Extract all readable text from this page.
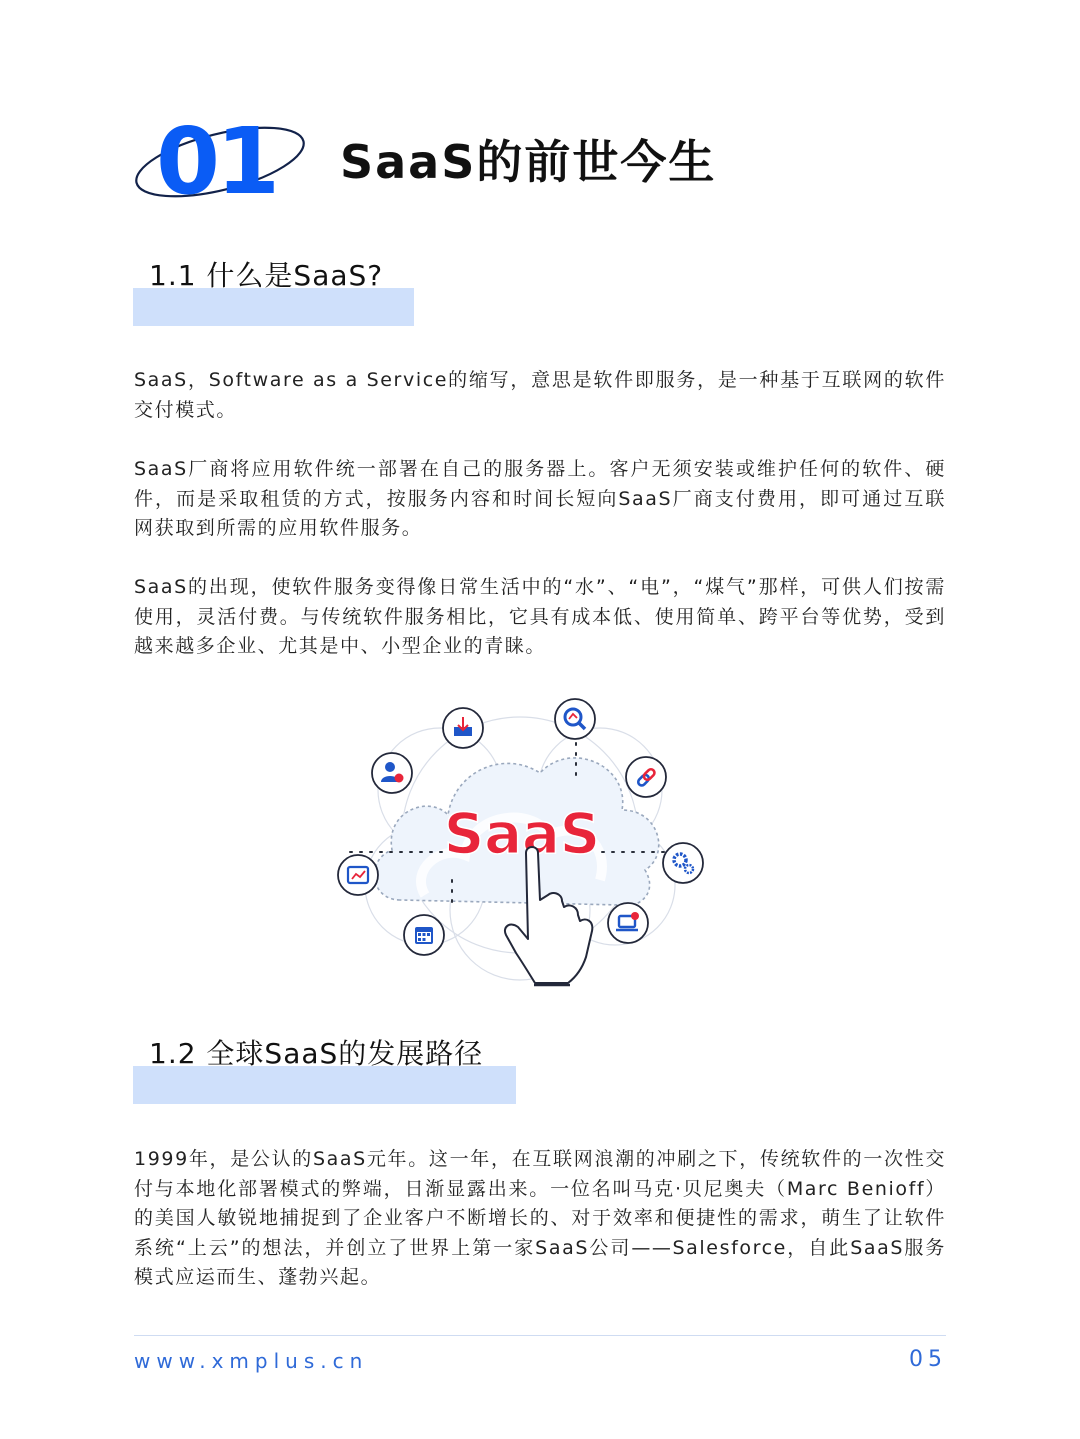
01 SaaS的前世今生
1.1 什么是SaaS?

SaaS，Software as a Service的缩写，意思是软件即服务，是一种基于互联网的软件交付模式。

SaaS厂商将应用软件统一部署在自己的服务器上。客户无须安装或维护任何的软件、硬件，而是采取租赁的方式，按服务内容和时间长短向SaaS厂商支付费用，即可通过互联网获取到所需的应用软件服务。

SaaS的出现，使软件服务变得像日常生活中的“水”、“电”，“煤气”那样，可供人们按需使用，灵活付费。与传统软件服务相比，它具有成本低、使用简单、跨平台等优势，受到越来越多企业、尤其是中、小型企业的青睐。

SaaS
1.2 全球SaaS的发展路径

1999年，是公认的SaaS元年。这一年，在互联网浪潮的冲刷之下，传统软件的一次性交付与本地化部署模式的弊端，日渐显露出来。一位名叫马克·贝尼奥夫（Marc Benioff）的美国人敏锐地捕捉到了企业客户不断增长的、对于效率和便捷性的需求，萌生了让软件系统“上云”的想法，并创立了世界上第一家SaaS公司——Salesforce，自此SaaS服务模式应运而生、蓬勃兴起。

www.xmplus.cn	05
